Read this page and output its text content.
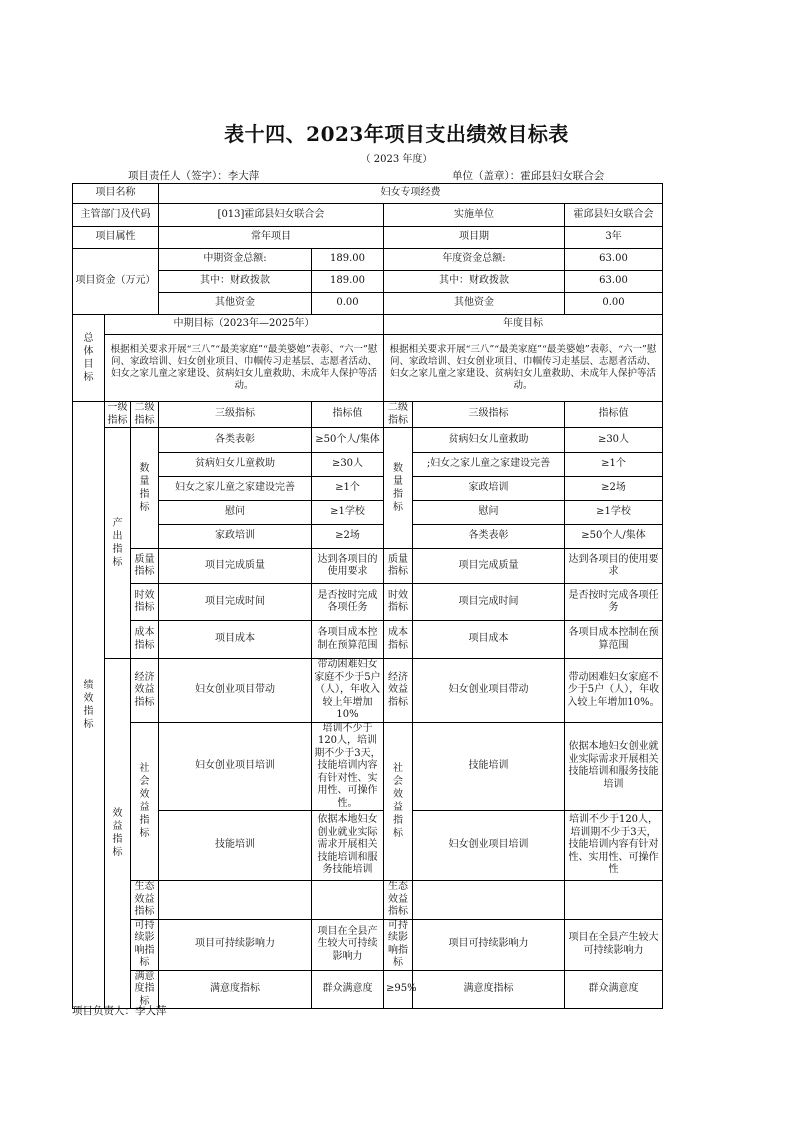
表十四、2023年项目支出绩效目标表
（ 2023 年度）
项目责任人（签字）：李大萍	单位（盖章）：霍邱县妇女联合会
项目名称			妇女专项经费					
主管部门及代码			[013]霍邱县妇女联合会		实施单位		霍邱县妇女联合会	
项目属性			常年项目		项目期		3年	
项目资金（万元）			中期资金总额:	189.00	年度资金总额:		63.00	
			其中：财政拨款	189.00	其中：财政拨款		63.00	
			其他资金	0.00	其他资金		0.00	
总体目标	中期目标（2023年—2025年）				年度目标			
	根据相关要求开展“三八”“最美家庭”“最美婆媳”表彰、“六一”慰问、家政培训、妇女创业项目、巾帼传习走基层、志愿者活动、妇女之家儿童之家建设、贫病妇女儿童救助、未成年人保护等活动。				根据相关要求开展“三八”“最美家庭”“最美婆媳”表彰、“六一”慰问、家政培训、妇女创业项目、巾帼传习走基层、志愿者活动、妇女之家儿童之家建设、贫病妇女儿童救助、未成年人保护等活动。			
绩效指标	一级指标	二级指标	三级指标	指标值	二级指标	三级指标	指标值	
	产出指标	数量指标	各类表彰	≥50个人/集体	数量指标	贫病妇女儿童救助	≥30人	
			贫病妇女儿童救助	≥30人		;妇女之家儿童之家建设完善	≥1个	
			妇女之家儿童之家建设完善	≥1个		家政培训	≥2场	
			慰问	≥1学校		慰问	≥1学校	
			家政培训	≥2场		各类表彰	≥50个人/集体	
		质量指标	项目完成质量	达到各项目的使用要求	质量指标	项目完成质量	达到各项目的使用要求	
		时效指标	项目完成时间	是否按时完成各项任务	时效指标	项目完成时间	是否按时完成各项任务	
		成本指标	项目成本	各项目成本控制在预算范围	成本指标	项目成本	各项目成本控制在预算范围	
	效益指标	经济效益指标	妇女创业项目带动	带动困难妇女家庭不少于5户（人），年收入较上年增加10%	经济效益指标	妇女创业项目带动	带动困难妇女家庭不少于5户（人），年收入较上年增加10%。	
		社会效益指标	妇女创业项目培训	培训不少于120人，培训期不少于3天，技能培训内容有针对性、实用性、可操作性。	社会效益指标	技能培训	依据本地妇女创业就业实际需求开展相关技能培训和服务技能培训	
			技能培训	依据本地妇女创业就业实际需求开展相关技能培训和服务技能培训		妇女创业项目培训	培训不少于120人，培训期不少于3天，技能培训内容有针对性、实用性、可操作性	
		生态效益指标			生态效益指标			
		可持续影响指标	项目可持续影响力	项目在全县产生较大可持续影响力	可持续影响指标	项目可持续影响力	项目在全县产生较大可持续影响力	
		满意度指标	满意度指标	群众满意度	≥95%	满意度指标	群众满意度	
项目负责人：李大萍
